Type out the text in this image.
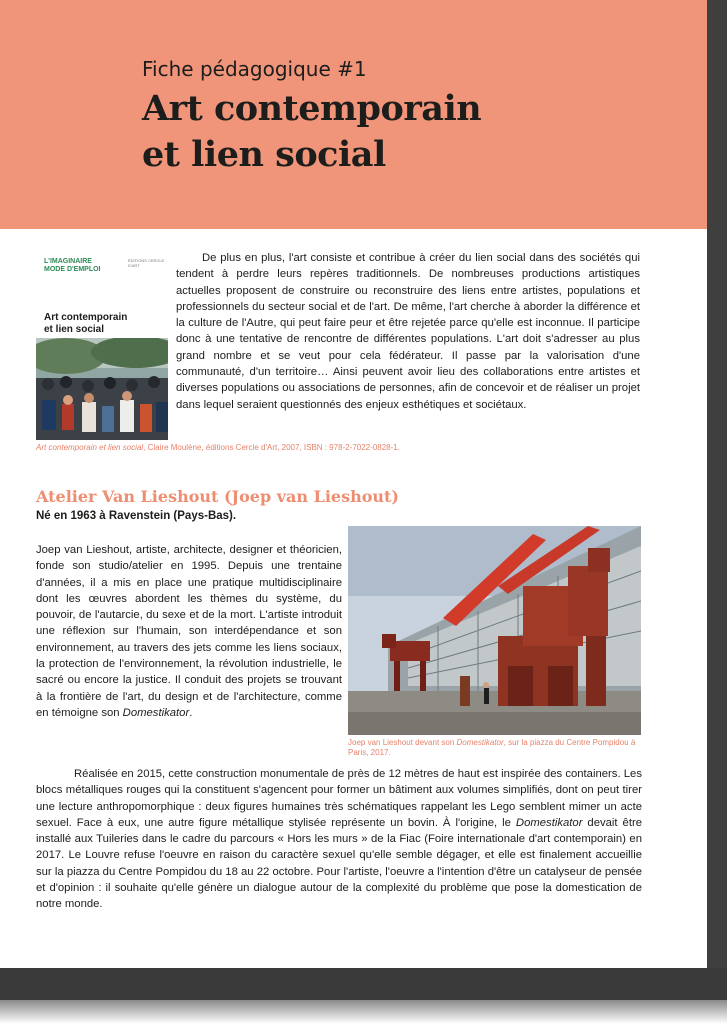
Fiche pédagogique #1
Art contemporain
et lien social
L'IMAGINAIRE
MODE D'EMPLOI
ÉDITIONS CERCLE D'ART
Art contemporain
et lien social

De plus en plus, l'art consiste et contribue à créer du lien social dans des sociétés qui tendent à perdre leurs repères traditionnels. De nombreuses productions artistiques actuelles proposent de construire ou reconstruire des liens entre artistes, populations et professionnels du secteur social et de l'art. De même, l'art cherche à aborder la différence et la culture de l'Autre, qui peut faire peur et être rejetée parce qu'elle est inconnue. Il participe donc à une tentative de rencontre de différentes populations. L'art doit s'adresser au plus grand nombre et se veut pour cela fédérateur. Il passe par la valorisation d'une communauté, d'un territoire… Ainsi peuvent avoir lieu des collaborations entre artistes et diverses populations ou associations de personnes, afin de concevoir et de réaliser un projet dans lequel seraient questionnés des enjeux esthétiques et sociétaux.

Art contemporain et lien social, Claire Moulène, éditions Cercle d'Art, 2007, ISBN : 978-2-7022-0828-1.
Atelier Van Lieshout (Joep van Lieshout)
Né en 1963 à Ravenstein (Pays-Bas).

Joep van Lieshout, artiste, architecte, designer et théoricien, fonde son studio/atelier en 1995. Depuis une trentaine d'années, il a mis en place une pratique multidisciplinaire dont les œuvres abordent les thèmes du système, du pouvoir, de l'autarcie, du sexe et de la mort. L'artiste introduit une réflexion sur l'humain, son interdépendance et son environnement, au travers des jets comme les liens sociaux, la protection de l'environnement, la révolution industrielle, le sacré ou encore la justice. Il conduit des projets se trouvant à la frontière de l'art, du design et de l'architecture, comme en témoigne son Domestikator.

Joep van Lieshout devant son Domestikator, sur la piazza du Centre Pompidou à Paris, 2017.

Réalisée en 2015, cette construction monumentale de près de 12 mètres de haut est inspirée des containers. Les blocs métalliques rouges qui la constituent s'agencent pour former un bâtiment aux volumes simplifiés, dont on peut tirer une lecture anthropomorphique : deux figures humaines très schématiques rappelant les Lego semblent mimer un acte sexuel. Face à eux, une autre figure métallique stylisée représente un bovin. À l'origine, le Domestikator devait être installé aux Tuileries dans le cadre du parcours « Hors les murs » de la Fiac (Foire internationale d'art contemporain) en 2017. Le Louvre refuse l'oeuvre en raison du caractère sexuel qu'elle semble dégager, et elle est finalement accueillie sur la piazza du Centre Pompidou du 18 au 22 octobre. Pour l'artiste, l'oeuvre a l'intention d'être un catalyseur de pensée et d'opinion : il souhaite qu'elle génère un dialogue autour de la complexité du problème que pose la domestication de notre monde.
